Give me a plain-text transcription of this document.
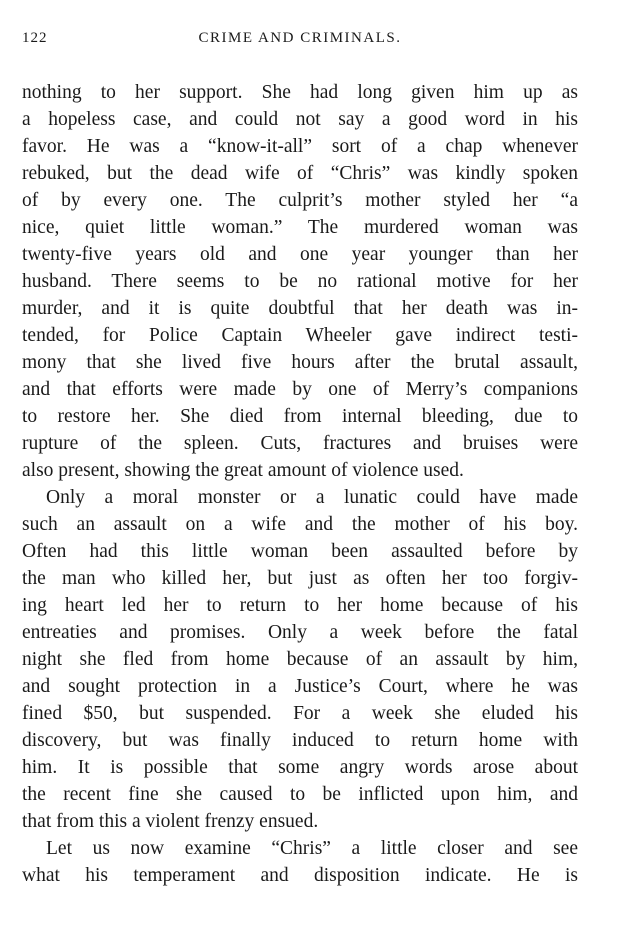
122	CRIME AND CRIMINALS.
nothing to her support. She had long given him up as
a hopeless case, and could not say a good word in his
favor. He was a “know-it-all” sort of a chap whenever
rebuked, but the dead wife of “Chris” was kindly spoken
of by every one. The culprit’s mother styled her “a
nice, quiet little woman.” The murdered woman was
twenty-five years old and one year younger than her
husband. There seems to be no rational motive for her
murder, and it is quite doubtful that her death was in-
tended, for Police Captain Wheeler gave indirect testi-
mony that she lived five hours after the brutal assault,
and that efforts were made by one of Merry’s companions
to restore her. She died from internal bleeding, due to
rupture of the spleen. Cuts, fractures and bruises were
also present, showing the great amount of violence used.
Only a moral monster or a lunatic could have made
such an assault on a wife and the mother of his boy.
Often had this little woman been assaulted before by
the man who killed her, but just as often her too forgiv-
ing heart led her to return to her home because of his
entreaties and promises. Only a week before the fatal
night she fled from home because of an assault by him,
and sought protection in a Justice’s Court, where he was
fined $50, but suspended. For a week she eluded his
discovery, but was finally induced to return home with
him. It is possible that some angry words arose about
the recent fine she caused to be inflicted upon him, and
that from this a violent frenzy ensued.
Let us now examine “Chris” a little closer and see
what his temperament and disposition indicate. He is
